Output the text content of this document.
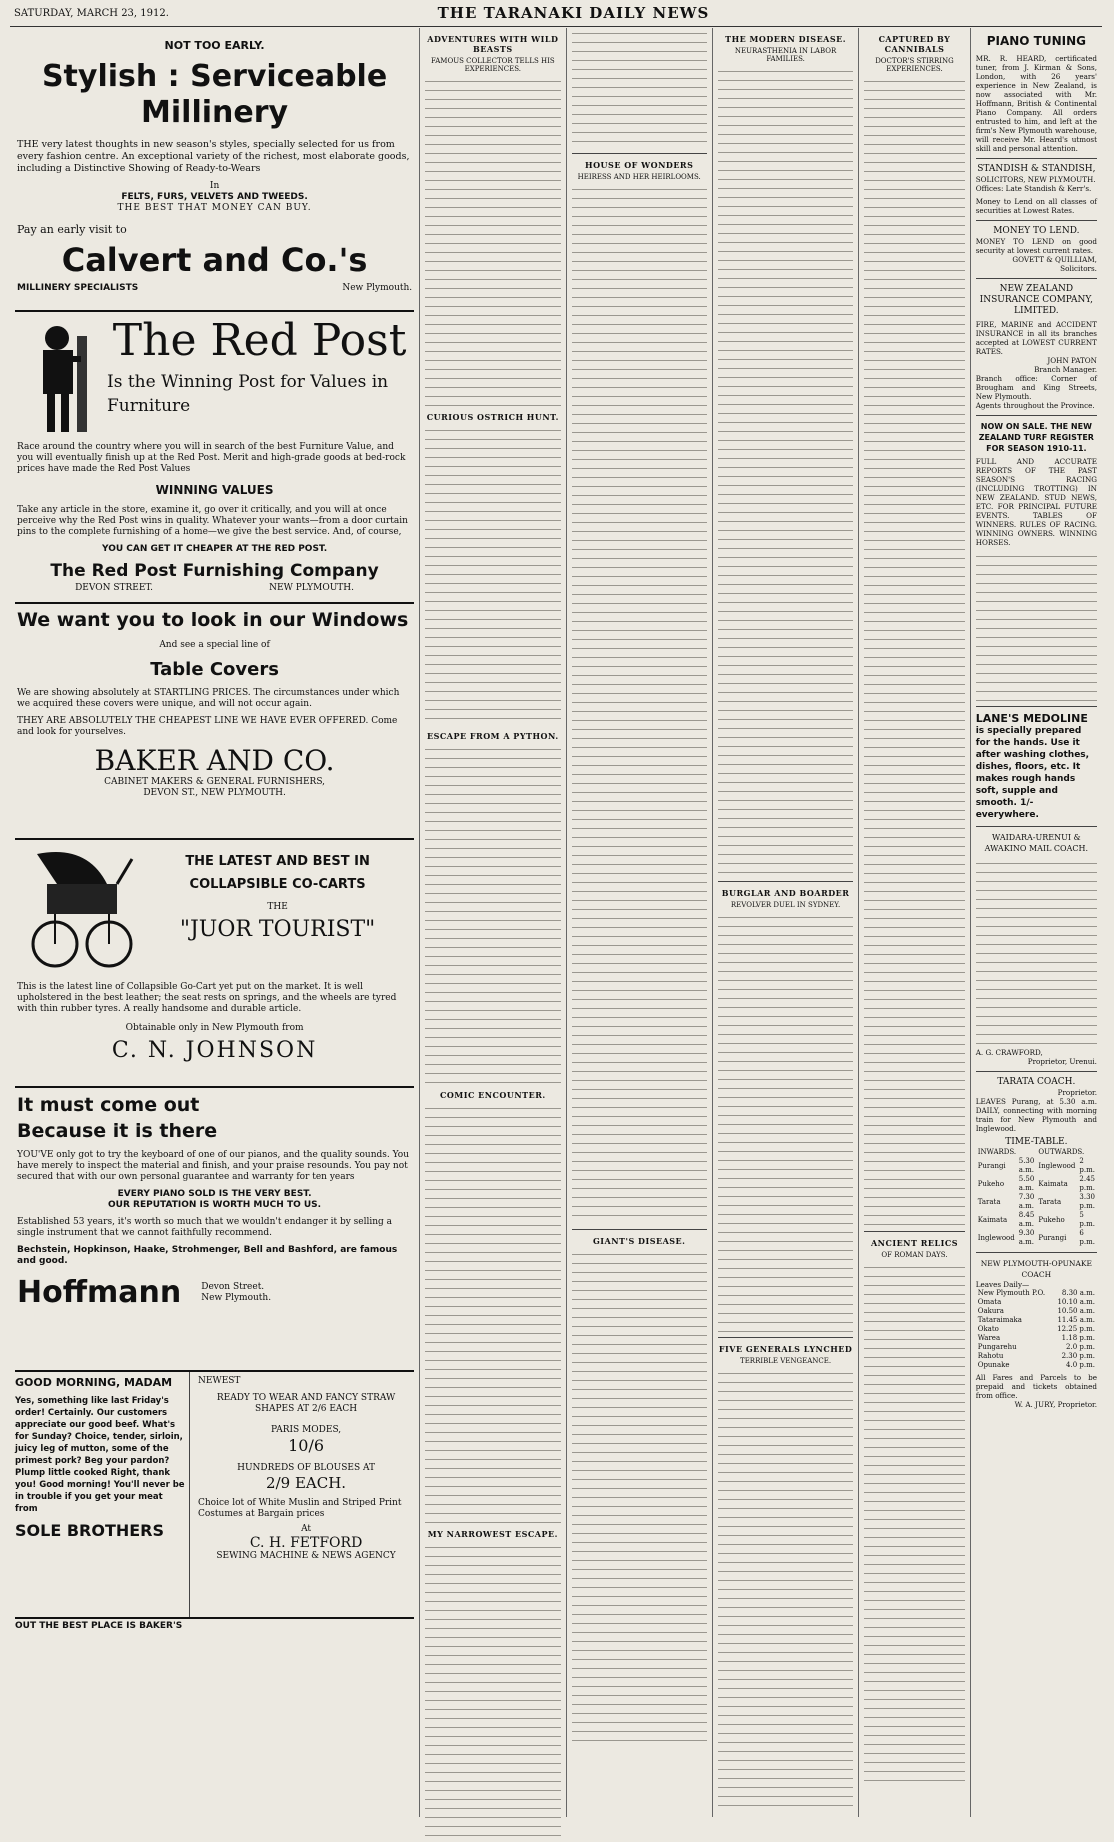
SATURDAY, MARCH 23, 1912.	THE TARANAKI DAILY NEWS
NOT TOO EARLY.
Stylish : Serviceable Millinery
THE very latest thoughts in new season's styles, specially selected for us from every fashion centre. An exceptional variety of the richest, most elaborate goods, including a Distinctive Showing of Ready-to-Wears
In
FELTS, FURS, VELVETS AND TWEEDS.
THE BEST THAT MONEY CAN BUY.
Pay an early visit to
Calvert and Co.'s
MILLINERY SPECIALISTS	New Plymouth.
The Red Post
Is the Winning Post for Values in
Furniture
Race around the country where you will in search of the best Furniture Value, and you will eventually finish up at the Red Post. Merit and high-grade goods at bed-rock prices have made the Red Post Values
WINNING VALUES
Take any article in the store, examine it, go over it critically, and you will at once perceive why the Red Post wins in quality. Whatever your wants—from a door curtain pins to the complete furnishing of a home—we give the best service. And, of course,
YOU CAN GET IT CHEAPER AT THE RED POST.
The Red Post Furnishing Company
DEVON STREET.	NEW PLYMOUTH.
We want you to look in our Windows
And see a special line of
Table Covers
We are showing absolutely at STARTLING PRICES. The circumstances under which we acquired these covers were unique, and will not occur again.
THEY ARE ABSOLUTELY THE CHEAPEST LINE WE HAVE EVER OFFERED. Come and look for yourselves.
BAKER AND CO.
CABINET MAKERS & GENERAL FURNISHERS,
DEVON ST., NEW PLYMOUTH.
THE LATEST AND BEST IN
COLLAPSIBLE CO-CARTS
THE
"JUOR TOURIST"
This is the latest line of Collapsible Go-Cart yet put on the market. It is well upholstered in the best leather; the seat rests on springs, and the wheels are tyred with thin rubber tyres. A really handsome and durable article.
Obtainable only in New Plymouth from
C. N. JOHNSON
It must come out Because it is there
YOU'VE only got to try the keyboard of one of our pianos, and the quality sounds. You have merely to inspect the material and finish, and your praise resounds. You pay not secured that with our own personal guarantee and warranty for ten years
EVERY PIANO SOLD IS THE VERY BEST.
OUR REPUTATION IS WORTH MUCH TO US.
Established 53 years, it's worth so much that we wouldn't endanger it by selling a single instrument that we cannot faithfully recommend.
Bechstein, Hopkinson, Haake, Strohmenger, Bell and Bashford, are famous and good.
Hoffmann Devon Street.
New Plymouth.
GOOD MORNING, MADAM
Yes, something like last Friday's order! Certainly. Our customers appreciate our good beef. What's for Sunday? Choice, tender, sirloin, juicy leg of mutton, some of the primest pork? Beg your pardon? Plump little cooked Right, thank you! Good morning! You'll never be in trouble if you get your meat from
SOLE BROTHERS
NEWEST
READY TO WEAR AND FANCY STRAW SHAPES AT 2/6 EACH
PARIS MODES,
10/6
HUNDREDS OF BLOUSES AT
2/9 EACH.
Choice lot of White Muslin and Striped Print Costumes at Bargain prices
At
C. H. FETFORD
SEWING MACHINE & NEWS AGENCY
OUT THE BEST PLACE IS BAKER'S
ADVENTURES WITH WILD BEASTS
FAMOUS COLLECTOR TELLS HIS EXPERIENCES.
CURIOUS OSTRICH HUNT.
ESCAPE FROM A PYTHON.
COMIC ENCOUNTER.
MY NARROWEST ESCAPE.
HOUSE OF WONDERS
HEIRESS AND HER HEIRLOOMS.
GIANT'S DISEASE.
THE MODERN DISEASE.
NEURASTHENIA IN LABOR FAMILIES.
BURGLAR AND BOARDER
REVOLVER DUEL IN SYDNEY.
FIVE GENERALS LYNCHED
TERRIBLE VENGEANCE.
CAPTURED BY CANNIBALS
DOCTOR'S STIRRING EXPERIENCES.
ANCIENT RELICS
OF ROMAN DAYS.
PIANO TUNING
MR. R. HEARD, certificated tuner, from J. Kirman & Sons, London, with 26 years' experience in New Zealand, is now associated with Mr. Hoffmann, British & Continental Piano Company. All orders entrusted to him, and left at the firm's New Plymouth warehouse, will receive Mr. Heard's utmost skill and personal attention.
STANDISH & STANDISH,
SOLICITORS, NEW PLYMOUTH.
Offices: Late Standish & Kerr's.
Money to Lend on all classes of securities at Lowest Rates.
MONEY TO LEND.
MONEY TO LEND on good security at lowest current rates.
GOVETT & QUILLIAM,
Solicitors.
NEW ZEALAND INSURANCE COMPANY, LIMITED.
FIRE, MARINE and ACCIDENT INSURANCE in all its branches accepted at LOWEST CURRENT RATES.
JOHN PATON
Branch Manager.
Branch office: Corner of Brougham and King Streets, New Plymouth.
Agents throughout the Province.
NOW ON SALE. THE NEW ZEALAND TURF REGISTER FOR SEASON 1910-11.
FULL AND ACCURATE REPORTS OF THE PAST SEASON'S RACING (INCLUDING TROTTING) IN NEW ZEALAND. STUD NEWS, ETC. FOR PRINCIPAL FUTURE EVENTS. TABLES OF WINNERS. RULES OF RACING. WINNING OWNERS. WINNING HORSES.
LANE'S MEDOLINE
is specially prepared for the hands. Use it after washing clothes, dishes, floors, etc. It makes rough hands soft, supple and smooth. 1/- everywhere.
WAIDARA-URENUI & AWAKINO MAIL COACH.
A. G. CRAWFORD,
Proprietor, Urenui.
TARATA COACH.
Proprietor.
LEAVES Purang, at 5.30 a.m. DAILY, connecting with morning train for New Plymouth and Inglewood.
TIME-TABLE.
INWARDS.		OUTWARDS.	
Purangi	5.30 a.m.	Inglewood	2 p.m.
Pukeho	5.50 a.m.	Kaimata	2.45 p.m.
Tarata	7.30 a.m.	Tarata	3.30 p.m.
Kaimata	8.45 a.m.	Pukeho	5 p.m.
Inglewood	9.30 a.m.	Purangi	6 p.m.
NEW PLYMOUTH-OPUNAKE COACH
Leaves Daily—
New Plymouth P.O.	8.30 a.m.
Omata	10.10 a.m.
Oakura	10.50 a.m.
Tataraimaka	11.45 a.m.
Okato	12.25 p.m.
Warea	1.18 p.m.
Pungarehu	2.0 p.m.
Rahotu	2.30 p.m.
Opunake	4.0 p.m.
All Fares and Parcels to be prepaid and tickets obtained from office.
W. A. JURY, Proprietor.
